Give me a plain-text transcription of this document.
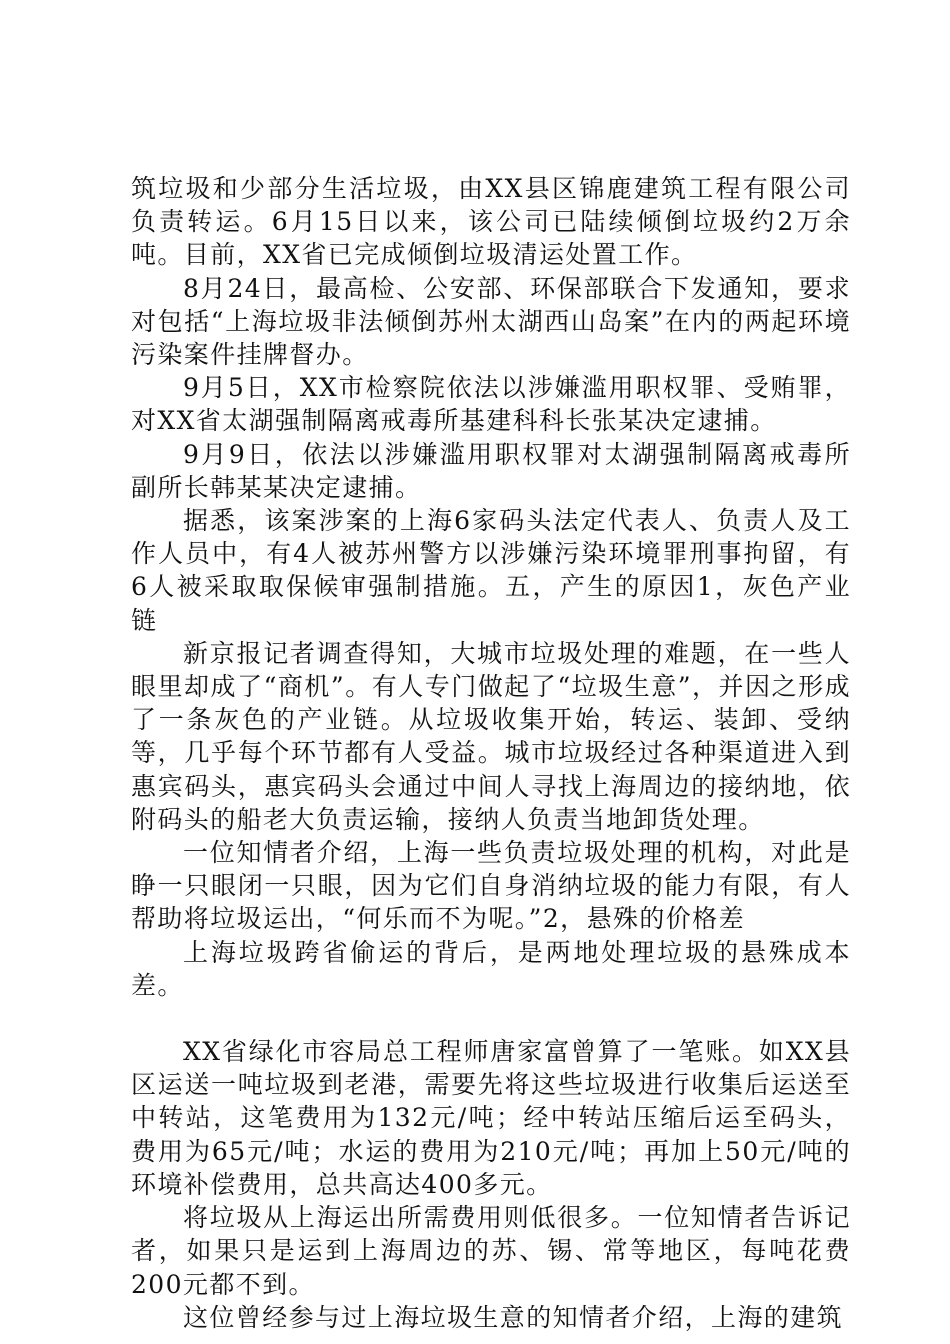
筑垃圾和少部分生活垃圾，由XX县区锦鹿建筑工程有限公司负责转运。6月15日以来，该公司已陆续倾倒垃圾约2万余吨。目前，XX省已完成倾倒垃圾清运处置工作。

8月24日，最高检、公安部、环保部联合下发通知，要求对包括“上海垃圾非法倾倒苏州太湖西山岛案”在内的两起环境污染案件挂牌督办。

9月5日，XX市检察院依法以涉嫌滥用职权罪、受贿罪，对XX省太湖强制隔离戒毒所基建科科长张某决定逮捕。

9月9日，依法以涉嫌滥用职权罪对太湖强制隔离戒毒所副所长韩某某决定逮捕。

据悉，该案涉案的上海6家码头法定代表人、负责人及工作人员中，有4人被苏州警方以涉嫌污染环境罪刑事拘留，有6人被采取取保候审强制措施。五，产生的原因1，灰色产业链

新京报记者调查得知，大城市垃圾处理的难题，在一些人眼里却成了“商机”。有人专门做起了“垃圾生意”，并因之形成了一条灰色的产业链。从垃圾收集开始，转运、装卸、受纳等，几乎每个环节都有人受益。城市垃圾经过各种渠道进入到惠宾码头，惠宾码头会通过中间人寻找上海周边的接纳地，依附码头的船老大负责运输，接纳人负责当地卸货处理。

一位知情者介绍，上海一些负责垃圾处理的机构，对此是睁一只眼闭一只眼，因为它们自身消纳垃圾的能力有限，有人帮助将垃圾运出，“何乐而不为呢。”2，悬殊的价格差

上海垃圾跨省偷运的背后，是两地处理垃圾的悬殊成本差。

XX省绿化市容局总工程师唐家富曾算了一笔账。如XX县区运送一吨垃圾到老港，需要先将这些垃圾进行收集后运送至中转站，这笔费用为132元/吨；经中转站压缩后运至码头，费用为65元/吨；水运的费用为210元/吨；再加上50元/吨的环境补偿费用，总共高达400多元。

将垃圾从上海运出所需费用则低很多。一位知情者告诉记者，如果只是运到上海周边的苏、锡、常等地区，每吨花费200元都不到。

这位曾经参与过上海垃圾生意的知情者介绍，上海的建筑
